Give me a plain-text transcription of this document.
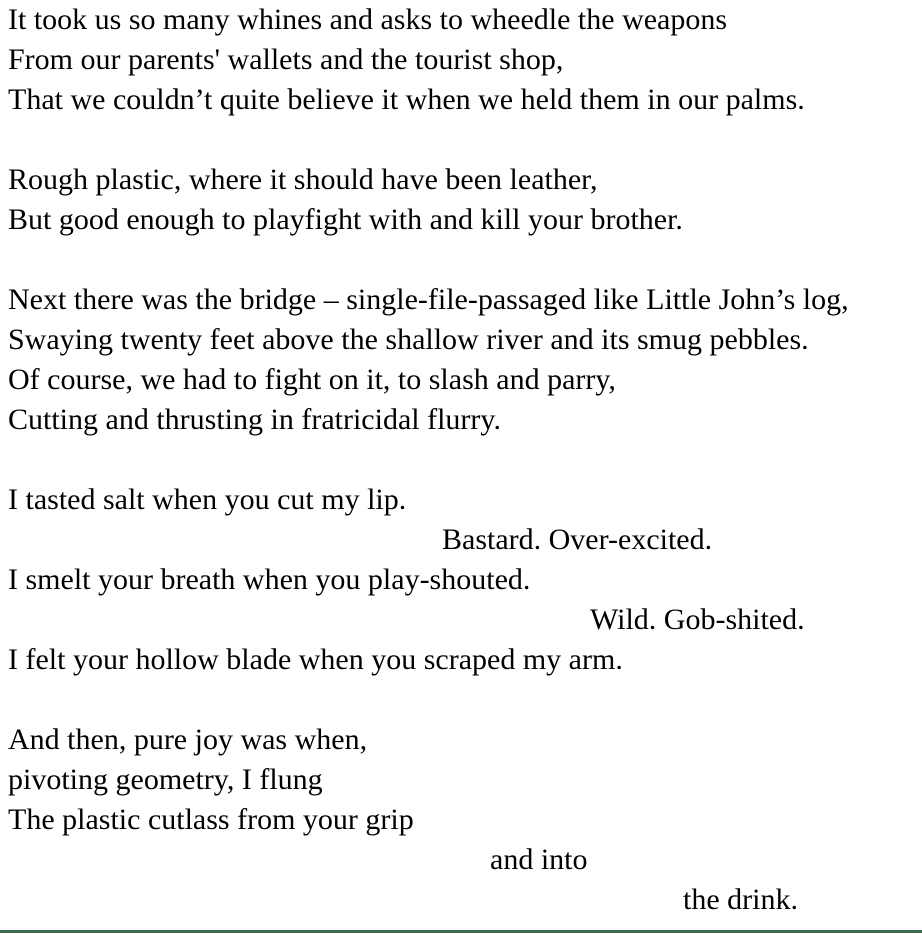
It took us so many whines and asks to wheedle the weapons
From our parents' wallets and the tourist shop,
That we couldn’t quite believe it when we held them in our palms.
Rough plastic, where it should have been leather,
But good enough to playfight with and kill your brother.
Next there was the bridge – single-file-passaged like Little John’s log,
Swaying twenty feet above the shallow river and its smug pebbles.
Of course, we had to fight on it, to slash and parry,
Cutting and thrusting in fratricidal flurry.
I tasted salt when you cut my lip.
Bastard. Over-excited.
I smelt your breath when you play-shouted.
Wild. Gob-shited.
I felt your hollow blade when you scraped my arm.
And then, pure joy was when,
pivoting geometry, I flung
The plastic cutlass from your grip
and into
the drink.
